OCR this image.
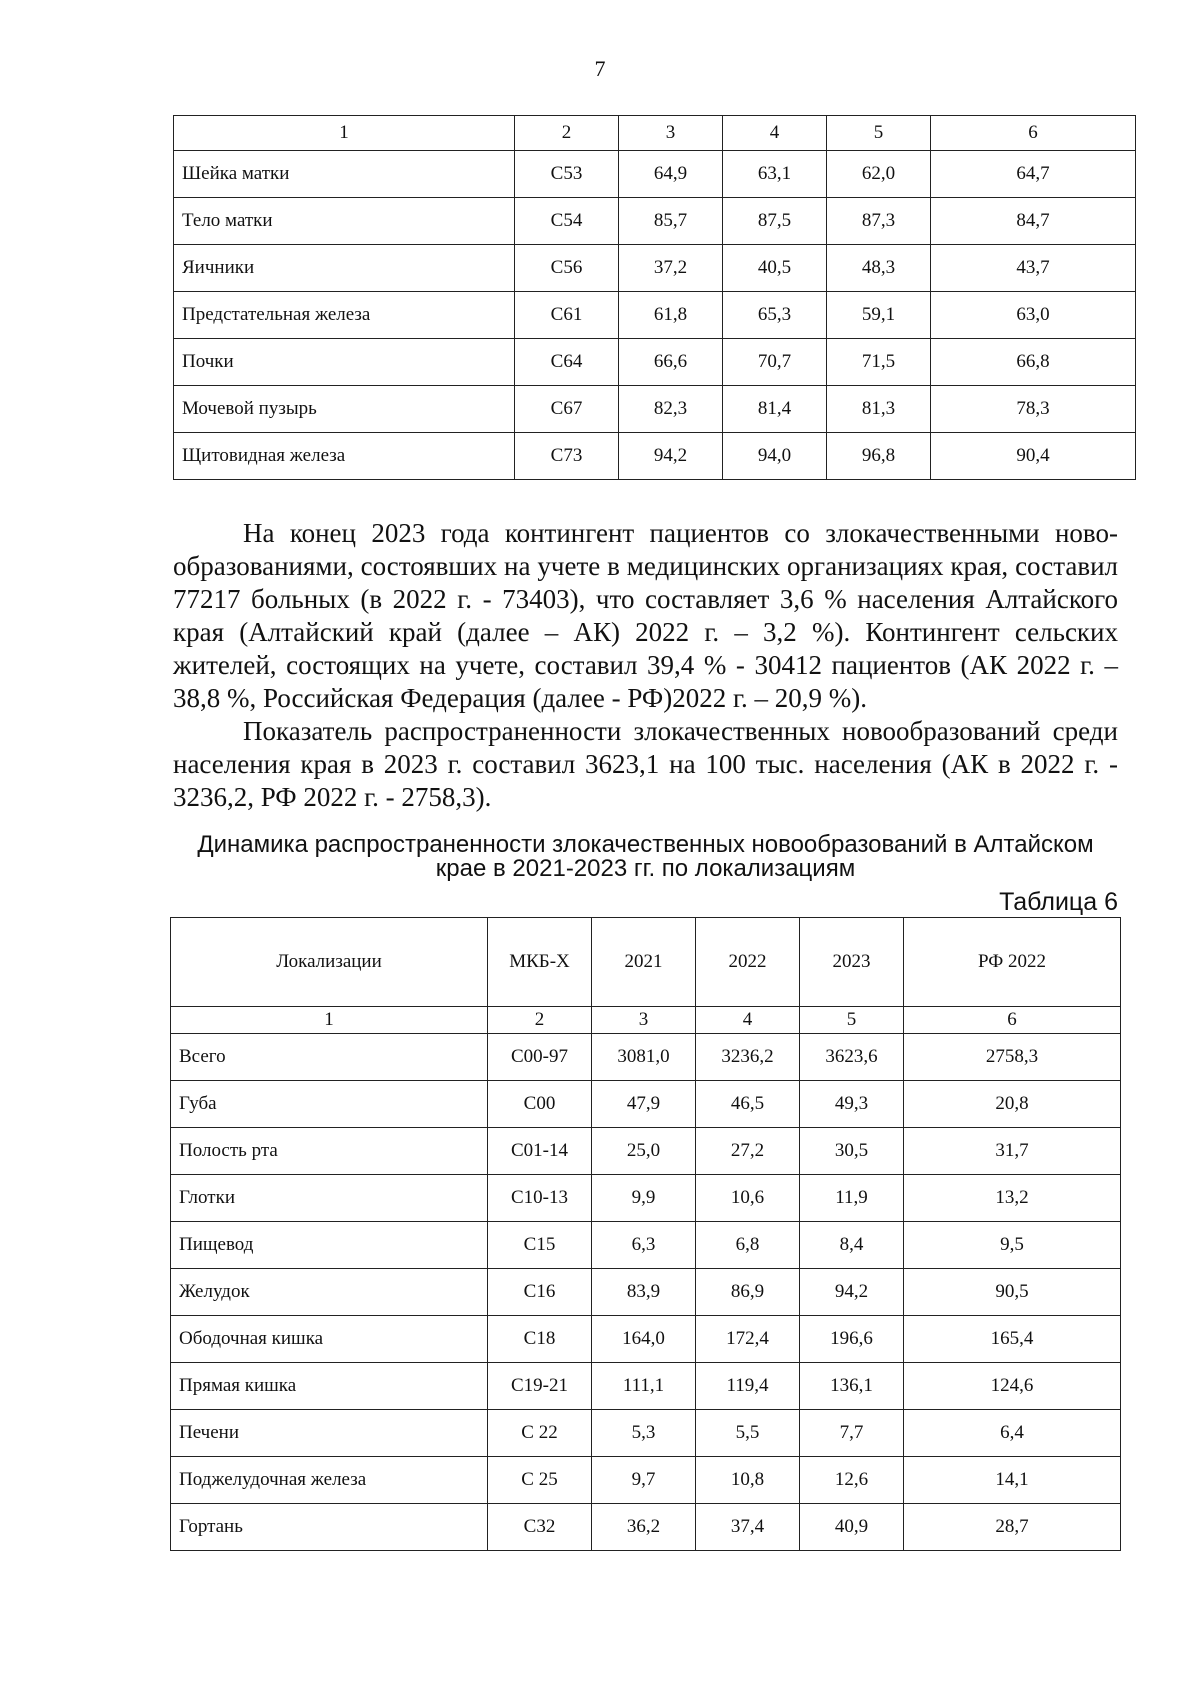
7
1	2	3	4	5	6
Шейка матки	С53	64,9	63,1	62,0	64,7
Тело матки	С54	85,7	87,5	87,3	84,7
Яичники	С56	37,2	40,5	48,3	43,7
Предстательная железа	С61	61,8	65,3	59,1	63,0
Почки	С64	66,6	70,7	71,5	66,8
Мочевой пузырь	С67	82,3	81,4	81,3	78,3
Щитовидная железа	С73	94,2	94,0	96,8	90,4

На конец 2023 года контингент пациентов со злокачественными новообразованиями, состоявших на учете в медицинских организациях края, составил 77217 больных (в 2022 г. - 73403), что составляет 3,6 % населения Алтайского края (Алтайский край (далее – АК) 2022 г. – 3,2 %). Контингент сельских жителей, состоящих на учете, составил 39,4 % - 30412 пациентов (АК 2022 г. – 38,8 %, Российская Федерация (далее - РФ)2022 г. – 20,9 %).

Показатель распространенности злокачественных новообразований среди населения края в 2023 г. составил 3623,1 на 100 тыс. населения (АК в 2022 г. - 3236,2, РФ 2022 г. - 2758,3).

Динамика распространенности злокачественных новообразований в Алтайском крае в 2021-2023 гг. по локализациям

Таблица 6
Локализации	МКБ-Х	2021	2022	2023	РФ 2022
1	2	3	4	5	6
Всего	С00-97	3081,0	3236,2	3623,6	2758,3
Губа	С00	47,9	46,5	49,3	20,8
Полость рта	С01-14	25,0	27,2	30,5	31,7
Глотки	С10-13	9,9	10,6	11,9	13,2
Пищевод	С15	6,3	6,8	8,4	9,5
Желудок	С16	83,9	86,9	94,2	90,5
Ободочная кишка	С18	164,0	172,4	196,6	165,4
Прямая кишка	С19-21	111,1	119,4	136,1	124,6
Печени	С 22	5,3	5,5	7,7	6,4
Поджелудочная железа	С 25	9,7	10,8	12,6	14,1
Гортань	С32	36,2	37,4	40,9	28,7
